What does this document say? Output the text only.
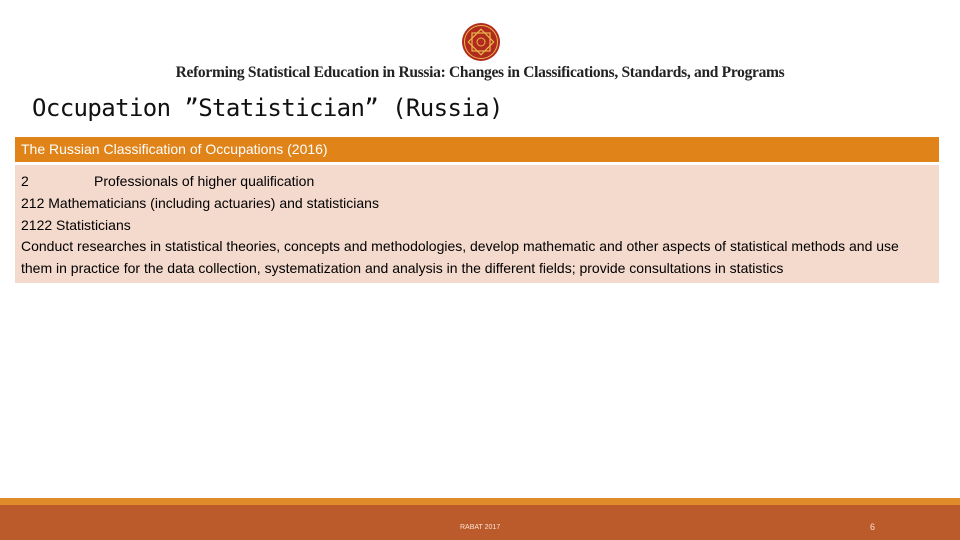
Reforming Statistical Education in Russia: Changes in Classifications, Standards, and Programs
Occupation ”Statistician” (Russia)
The Russian Classification of Occupations (2016)
2	Professionals of higher qualification
212 Mathematicians (including actuaries) and statisticians
2122 Statisticians
Conduct researches in statistical theories, concepts and methodologies, develop mathematic and other aspects of statistical methods and use them in practice for the data collection, systematization and analysis in the different fields; provide consultations in statistics
RABAT 2017	6
